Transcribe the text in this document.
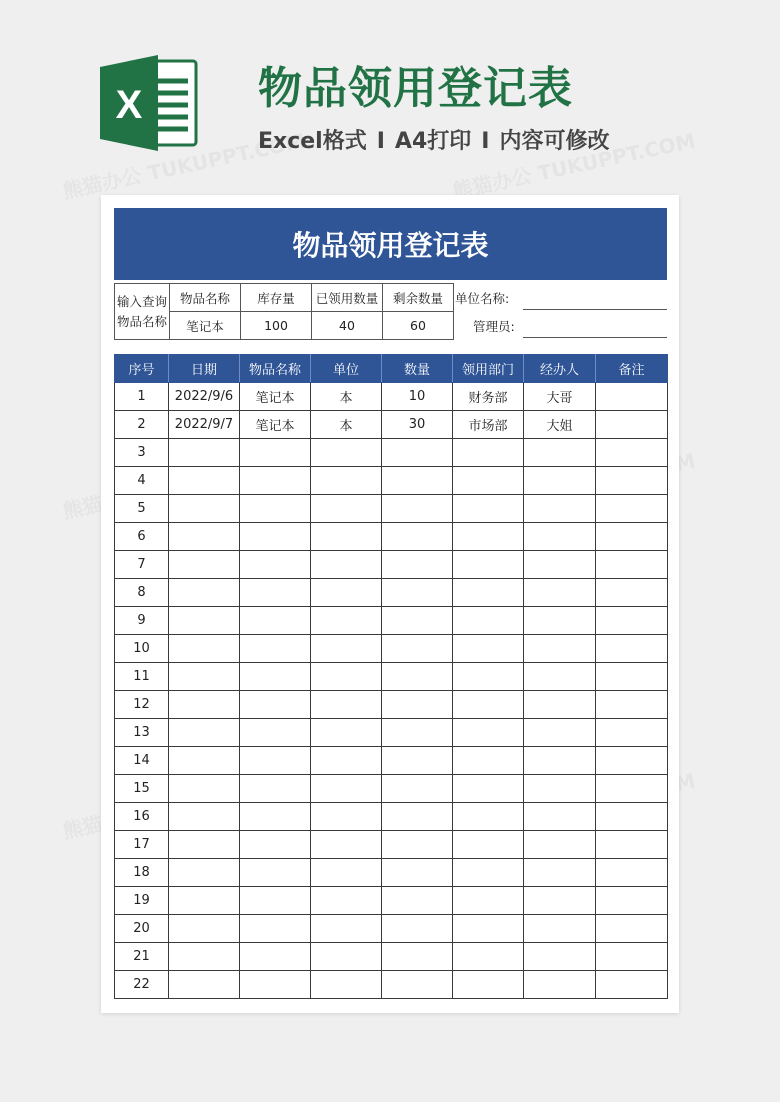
X	物品领用登记表
Excel格式 I A4打印 I 内容可修改
物品领用登记表
输入查询
物品名称	物品名称	库存量	已领用数量	剩余数量
	笔记本	100	40	60
单位名称:
管理员:
序号	日期	物品名称	单位	数量	领用部门	经办人	备注
1	2022/9/6	笔记本	本	10	财务部	大哥	
2	2022/9/7	笔记本	本	30	市场部	大姐	
3							
4							
5							
6							
7							
8							
9							
10							
11							
12							
13							
14							
15							
16							
17							
18							
19							
20							
21							
22							
